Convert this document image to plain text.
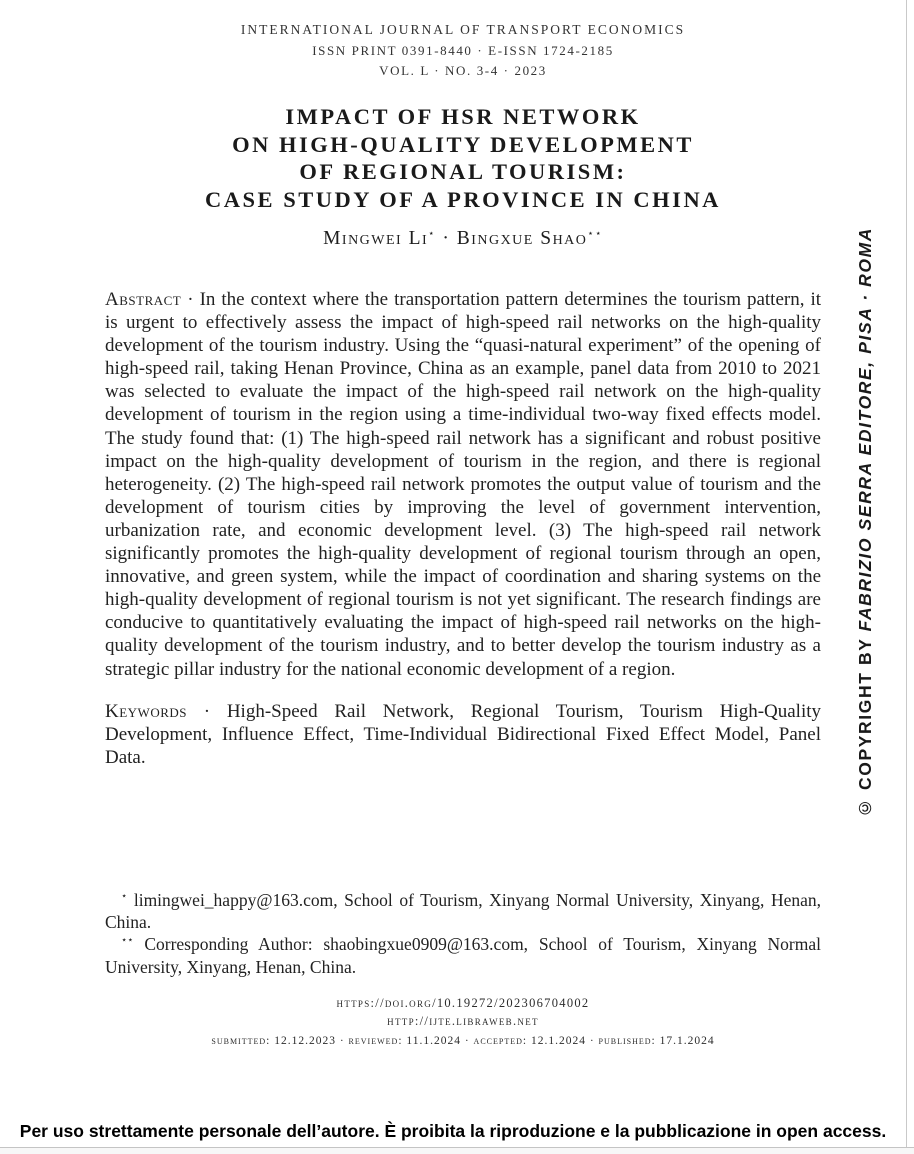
INTERNATIONAL JOURNAL OF TRANSPORT ECONOMICS
ISSN PRINT 0391-8440 · E-ISSN 1724-2185
VOL. L · NO. 3-4 · 2023
IMPACT OF HSR NETWORK
ON HIGH-QUALITY DEVELOPMENT
OF REGIONAL TOURISM:
CASE STUDY OF A PROVINCE IN CHINA
Mingwei Li⋆ · Bingxue Shao⋆⋆

Abstract · In the context where the transportation pattern determines the tourism pattern, it is urgent to effectively assess the impact of high-speed rail networks on the high-quality development of the tourism industry. Using the “quasi-natural experiment” of the opening of high-speed rail, taking Henan Province, China as an example, panel data from 2010 to 2021 was selected to evaluate the impact of the high-speed rail network on the high-quality development of tourism in the region using a time-individual two-way fixed effects model. The study found that: (1) The high-speed rail network has a significant and robust positive impact on the high-quality development of tourism in the region, and there is regional heterogeneity. (2) The high-speed rail network promotes the output value of tourism and the development of tourism cities by improving the level of government intervention, urbanization rate, and economic development level. (3) The high-speed rail network significantly promotes the high-quality development of regional tourism through an open, innovative, and green system, while the impact of coordination and sharing systems on the high-quality development of regional tourism is not yet significant. The research findings are conducive to quantitatively evaluating the impact of high-speed rail networks on the high-quality development of the tourism industry, and to better develop the tourism industry as a strategic pillar industry for the national economic development of a region.

Keywords · High-Speed Rail Network, Regional Tourism, Tourism High-Quality Development, Influence Effect, Time-Individual Bidirectional Fixed Effect Model, Panel Data.

⋆ limingwei_happy@163.com, School of Tourism, Xinyang Normal University, Xinyang, Henan, China.

⋆⋆ Corresponding Author: shaobingxue0909@163.com, School of Tourism, Xinyang Normal University, Xinyang, Henan, China.

https://doi.org/10.19272/202306704002
http://ijte.libraweb.net
submitted: 12.12.2023 · reviewed: 11.1.2024 · accepted: 12.1.2024 · published: 17.1.2024
© COPYRIGHT BY FABRIZIO SERRA EDITORE, PISA · ROMA
Per uso strettamente personale dell’autore. È proibita la riproduzione e la pubblicazione in open access.
